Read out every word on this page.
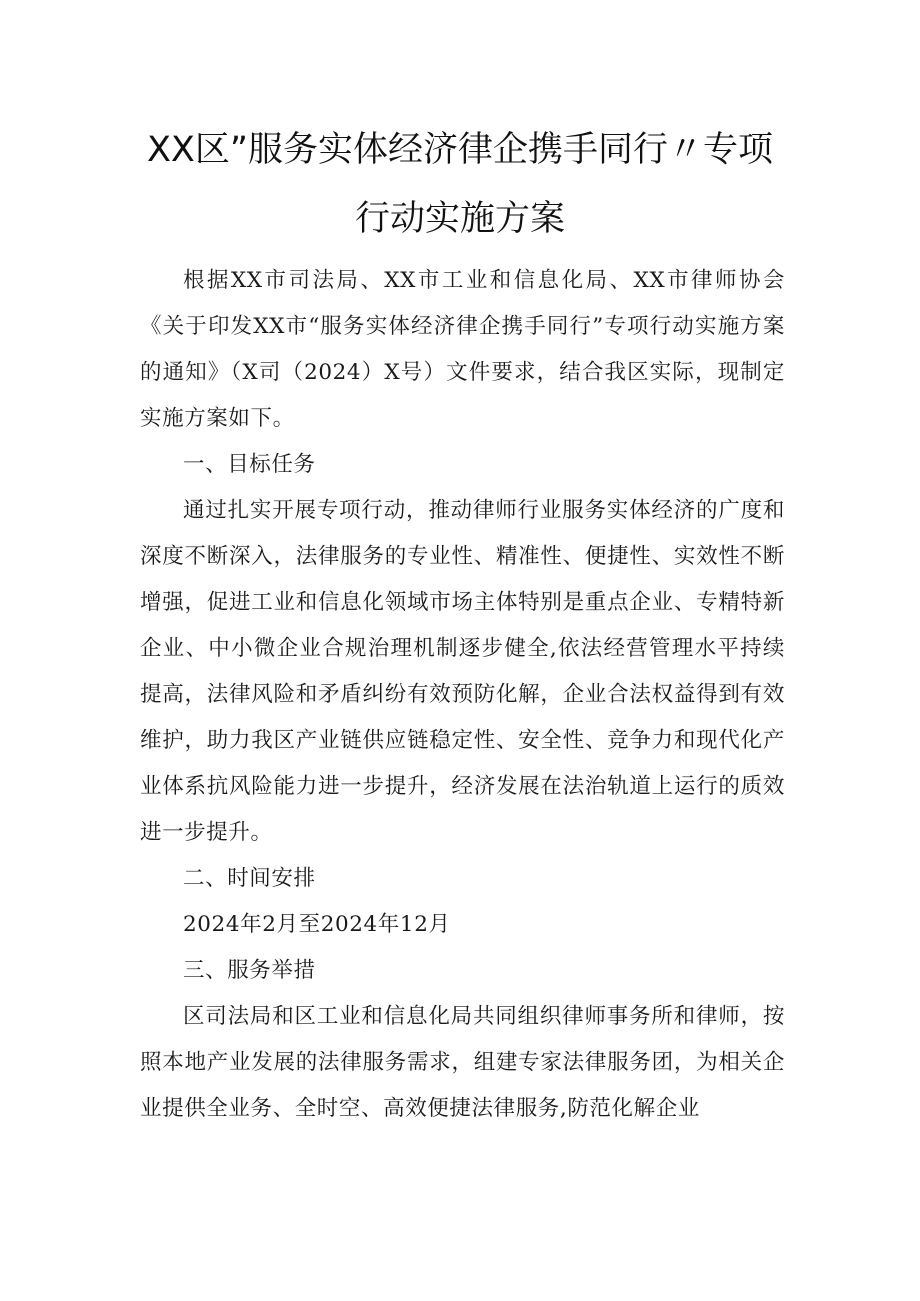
XX区”服务实体经济律企携手同行〃专项
行动实施方案

根据XX市司法局、XX市工业和信息化局、XX市律师协会《关于印发XX市“服务实体经济律企携手同行”专项行动实施方案的通知》（X司（2024）X号）文件要求，结合我区实际，现制定实施方案如下。

一、目标任务

通过扎实开展专项行动，推动律师行业服务实体经济的广度和深度不断深入，法律服务的专业性、精准性、便捷性、实效性不断增强，促进工业和信息化领域市场主体特别是重点企业、专精特新企业、中小微企业合规治理机制逐步健全,依法经营管理水平持续提高，法律风险和矛盾纠纷有效预防化解，企业合法权益得到有效维护，助力我区产业链供应链稳定性、安全性、竞争力和现代化产业体系抗风险能力进一步提升，经济发展在法治轨道上运行的质效进一步提升。

二、时间安排

2024年2月至2024年12月

三、服务举措

区司法局和区工业和信息化局共同组织律师事务所和律师，按照本地产业发展的法律服务需求，组建专家法律服务团，为相关企业提供全业务、全时空、高效便捷法律服务,防范化解企业
